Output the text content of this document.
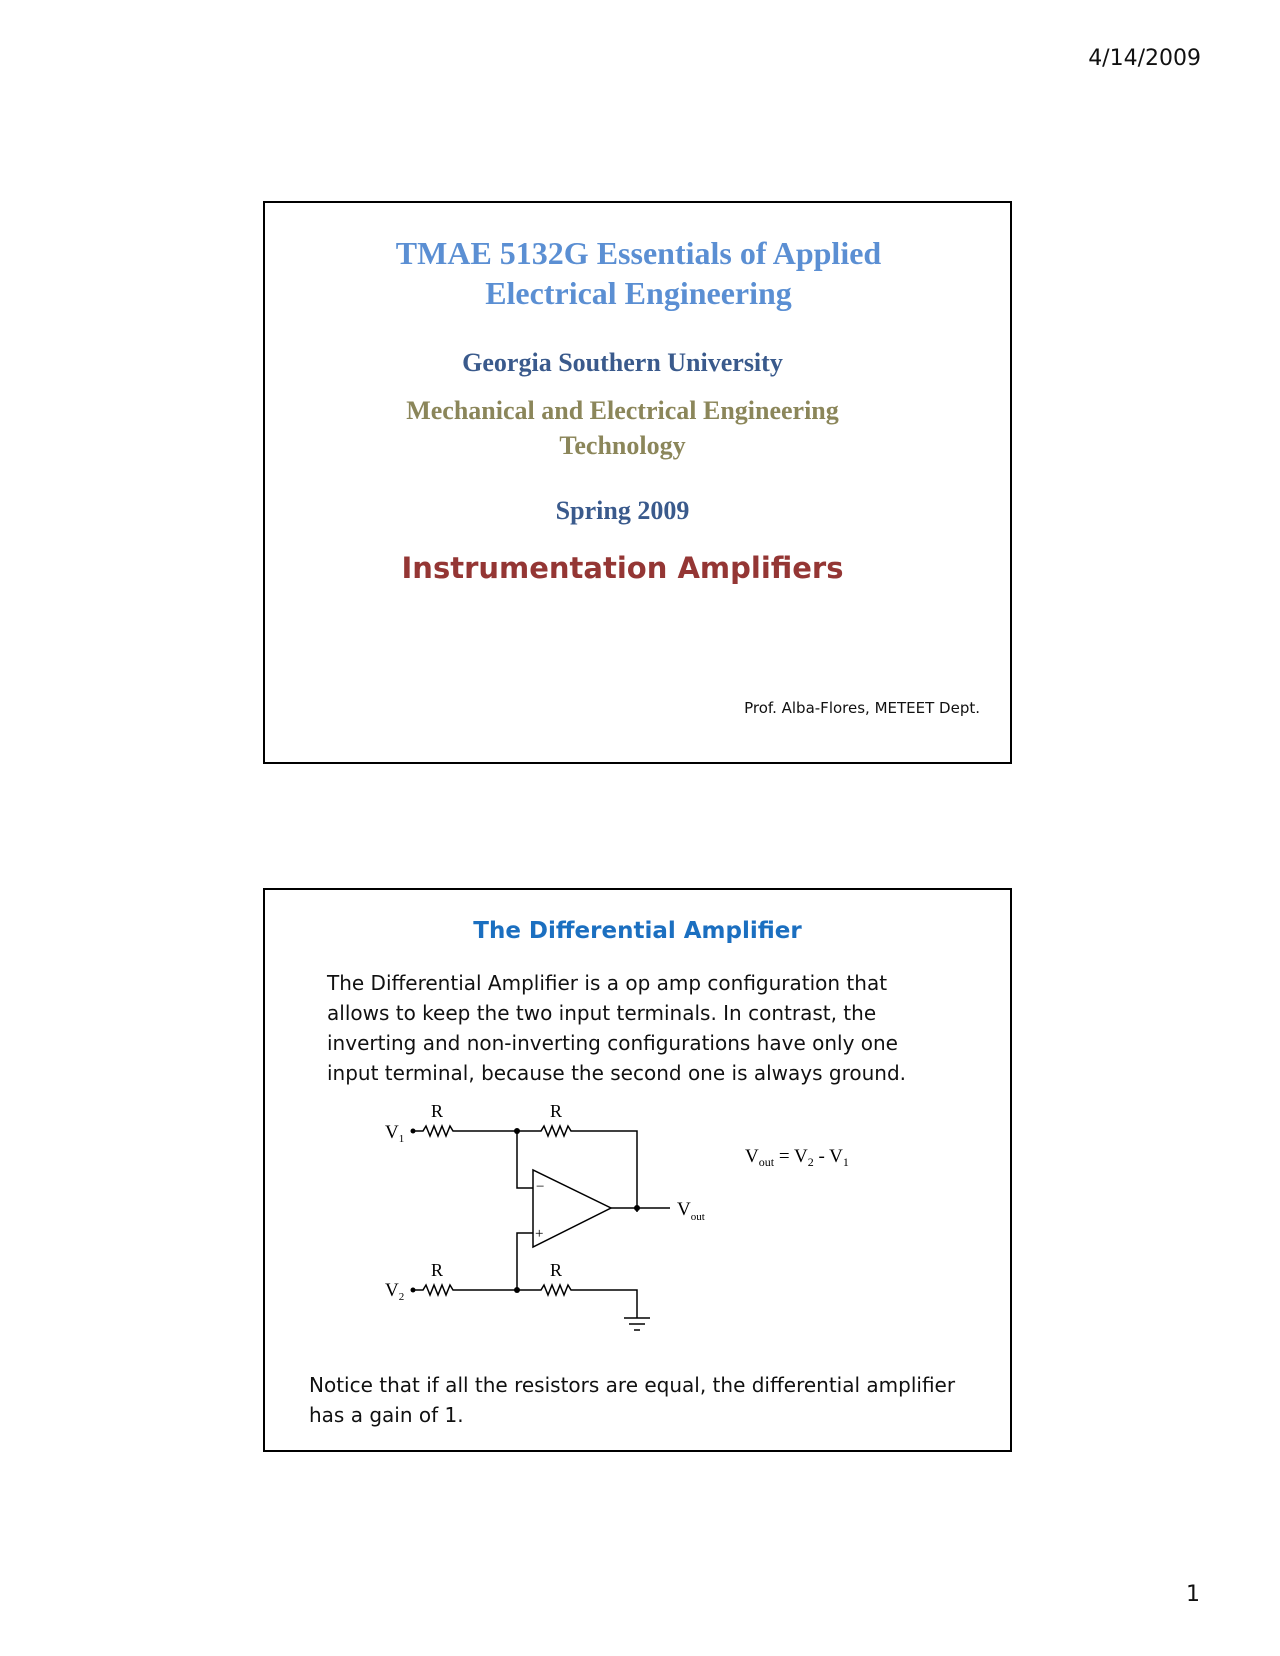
4/14/2009
TMAE 5132G Essentials of Applied
Electrical Engineering
Georgia Southern University
Mechanical and Electrical Engineering
Technology
Spring 2009
Instrumentation Amplifiers
Prof. Alba-Flores, METEET Dept.
The Differential Amplifier
The Differential Amplifier is a op amp configuration that
allows to keep the two input terminals. In contrast, the
inverting and non-inverting configurations have only one
input terminal, because the second one is always ground.
R	R
R	R
$V_1$
$V_2$
$V_{out}$
−
+
$V_{out} = V_2 - V_1$
Notice that if all the resistors are equal, the differential amplifier
has a gain of 1.
1
